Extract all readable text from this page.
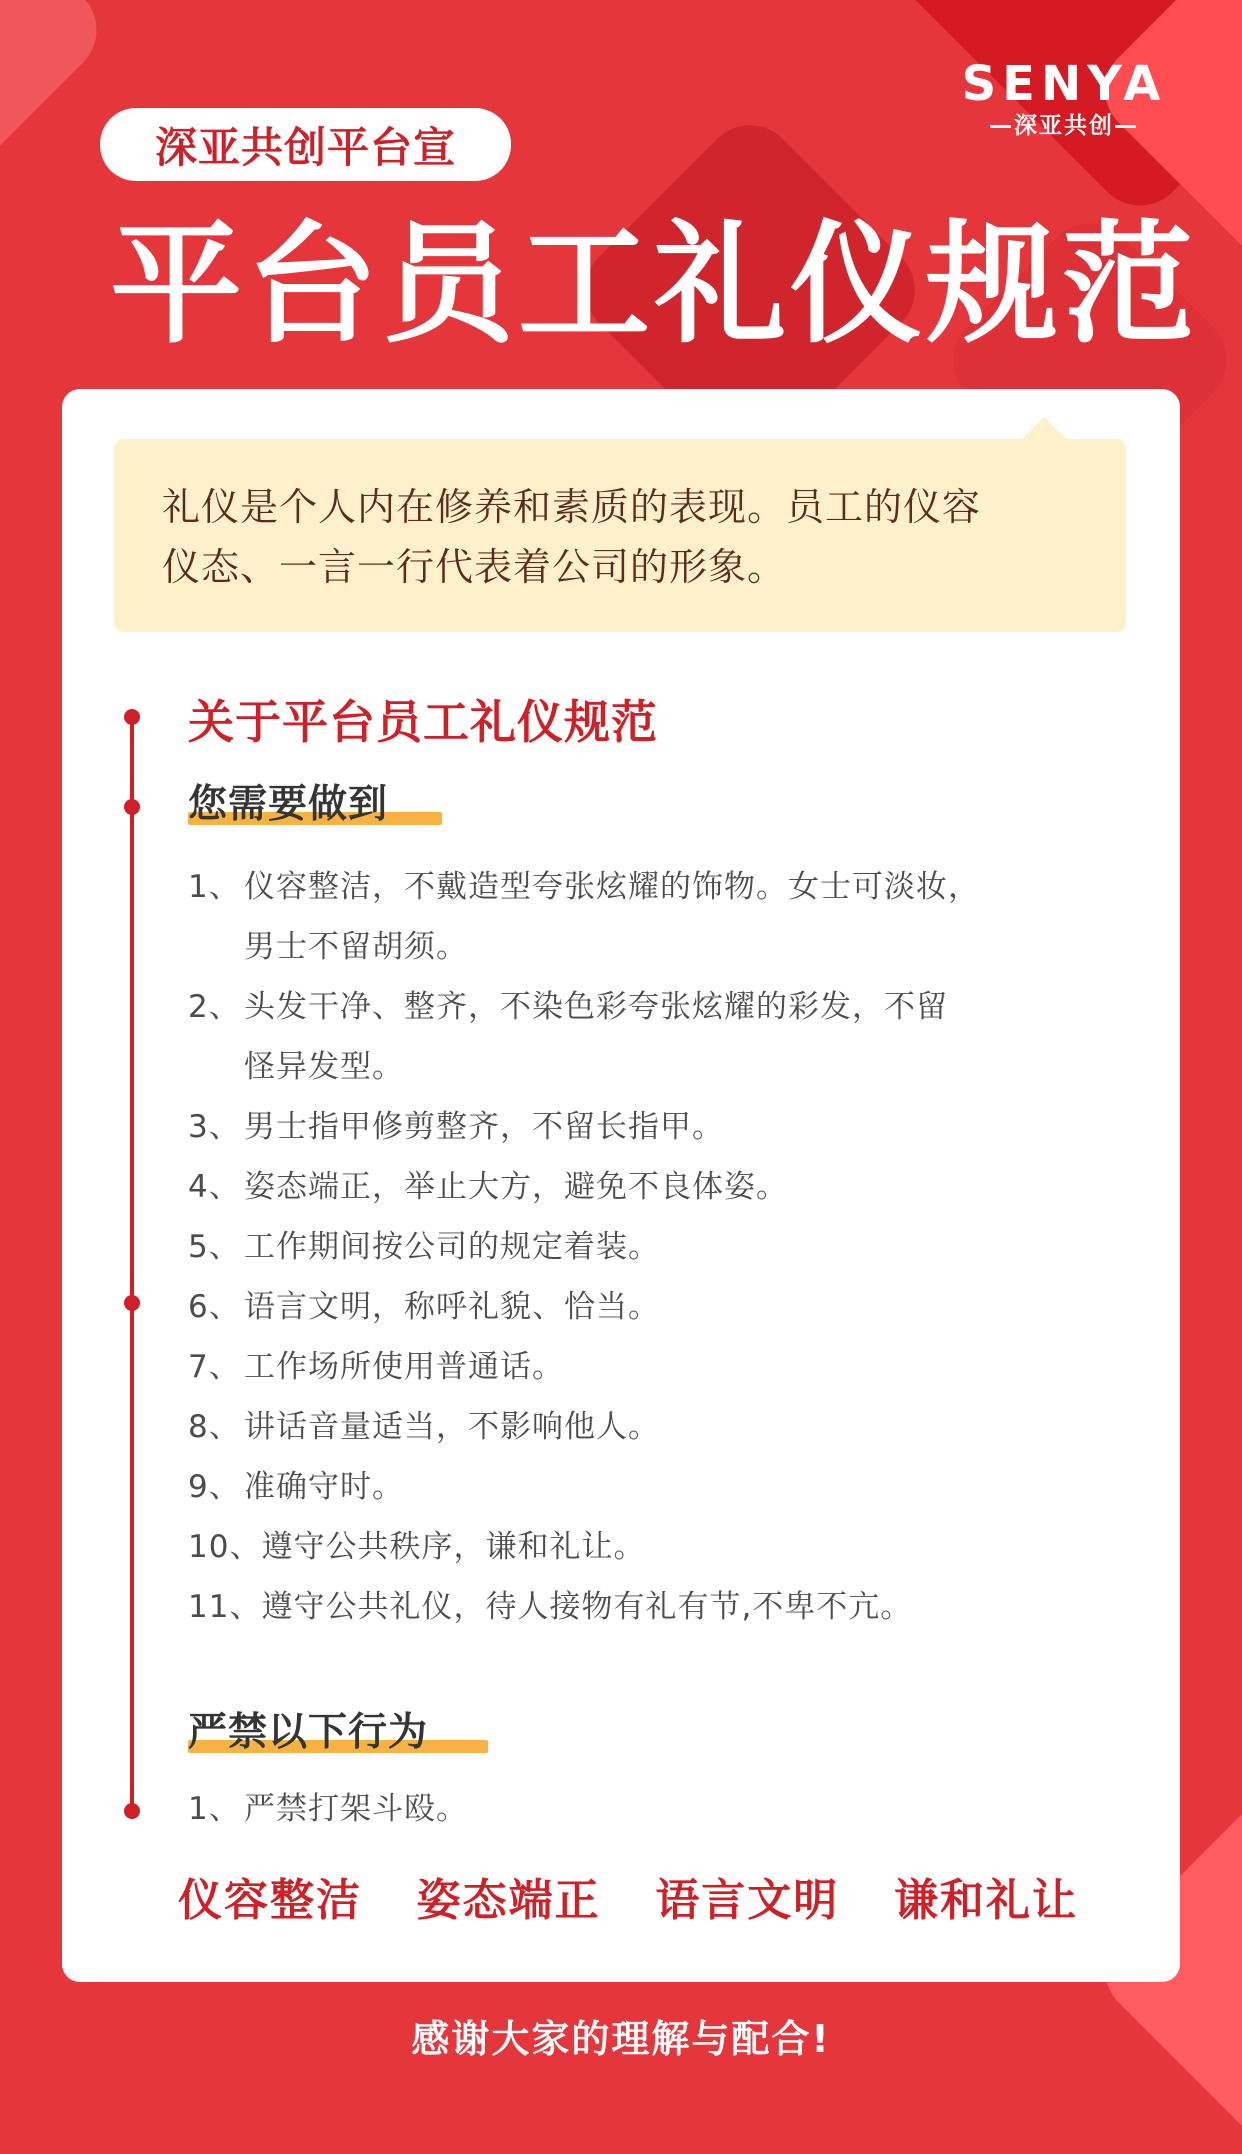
SENYA
—深亚共创—
深亚共创平台宣
平台员工礼仪规范
礼仪是个人内在修养和素质的表现。员工的仪容
仪态、一言一行代表着公司的形象。
关于平台员工礼仪规范
您需要做到
1、 仪容整洁，不戴造型夸张炫耀的饰物。女士可淡妆，
男士不留胡须。
2、 头发干净、整齐，不染色彩夸张炫耀的彩发，不留
怪异发型。
3、 男士指甲修剪整齐，不留长指甲。
4、 姿态端正，举止大方，避免不良体姿。
5、 工作期间按公司的规定着装。
6、 语言文明，称呼礼貌、恰当。
7、 工作场所使用普通话。
8、 讲话音量适当，不影响他人。
9、 准确守时。
10、遵守公共秩序，谦和礼让。
11、遵守公共礼仪，待人接物有礼有节,不卑不亢。
严禁以下行为
1、 严禁打架斗殴。
仪容整洁 姿态端正 语言文明 谦和礼让
感谢大家的理解与配合!
